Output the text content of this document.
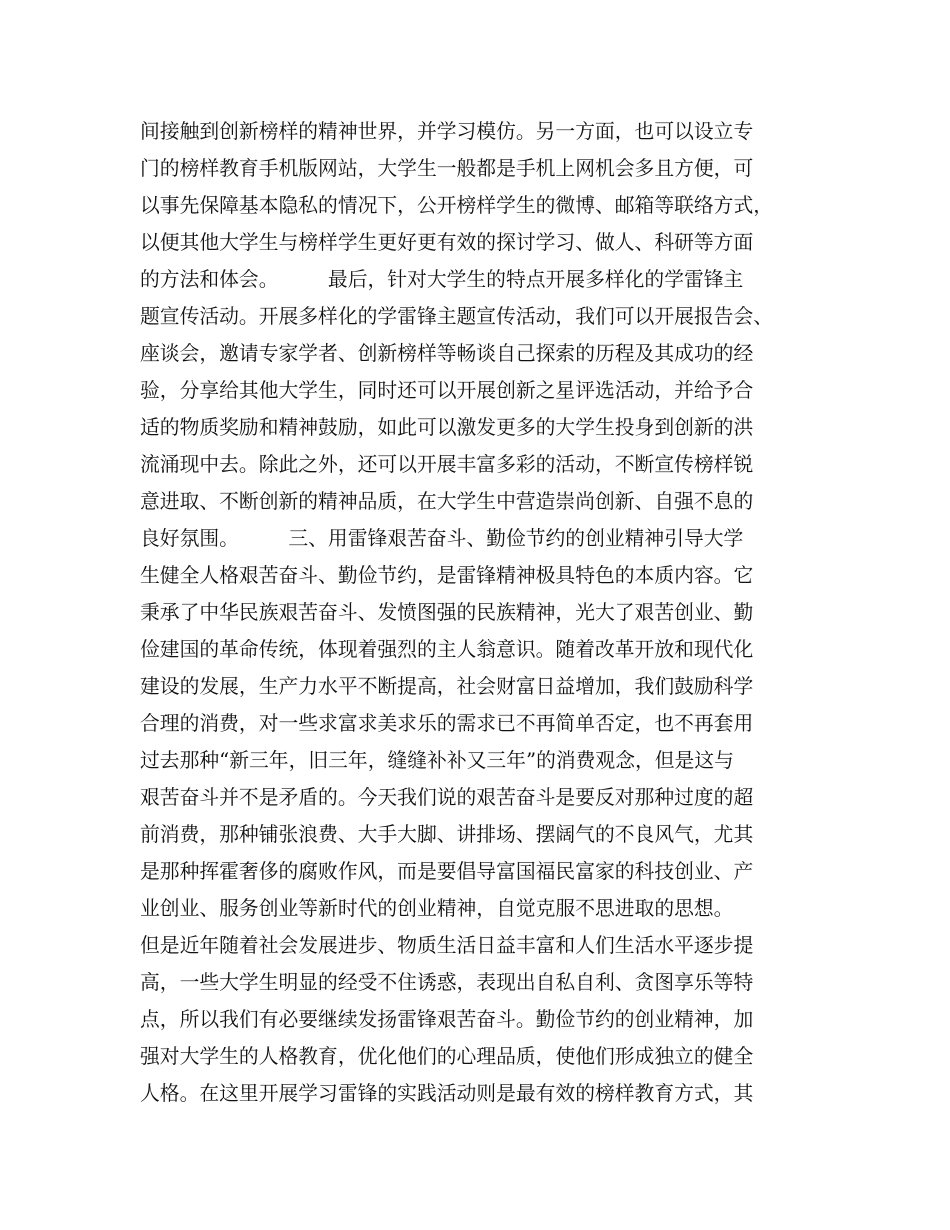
间接触到创新榜样的精神世界，并学习模仿。另一方面，也可以设立专
门的榜样教育手机版网站，大学生一般都是手机上网机会多且方便，可
以事先保障基本隐私的情况下，公开榜样学生的微博、邮箱等联络方式，
以便其他大学生与榜样学生更好更有效的探讨学习、做人、科研等方面
的方法和体会。　　　最后，针对大学生的特点开展多样化的学雷锋主
题宣传活动。开展多样化的学雷锋主题宣传活动，我们可以开展报告会、
座谈会，邀请专家学者、创新榜样等畅谈自己探索的历程及其成功的经
验，分享给其他大学生，同时还可以开展创新之星评选活动，并给予合
适的物质奖励和精神鼓励，如此可以激发更多的大学生投身到创新的洪
流涌现中去。除此之外，还可以开展丰富多彩的活动，不断宣传榜样锐
意进取、不断创新的精神品质，在大学生中营造崇尚创新、自强不息的
良好氛围。　　　三、用雷锋艰苦奋斗、勤俭节约的创业精神引导大学
生健全人格艰苦奋斗、勤俭节约，是雷锋精神极具特色的本质内容。它
秉承了中华民族艰苦奋斗、发愤图强的民族精神，光大了艰苦创业、勤
俭建国的革命传统，体现着强烈的主人翁意识。随着改革开放和现代化
建设的发展，生产力水平不断提高，社会财富日益增加，我们鼓励科学
合理的消费，对一些求富求美求乐的需求已不再简单否定，也不再套用
过去那种“新三年，旧三年，缝缝补补又三年”的消费观念，但是这与
艰苦奋斗并不是矛盾的。今天我们说的艰苦奋斗是要反对那种过度的超
前消费，那种铺张浪费、大手大脚、讲排场、摆阔气的不良风气，尤其
是那种挥霍奢侈的腐败作风，而是要倡导富国福民富家的科技创业、产
业创业、服务创业等新时代的创业精神，自觉克服不思进取的思想。
但是近年随着社会发展进步、物质生活日益丰富和人们生活水平逐步提
高，一些大学生明显的经受不住诱惑，表现出自私自利、贪图享乐等特
点，所以我们有必要继续发扬雷锋艰苦奋斗。勤俭节约的创业精神，加
强对大学生的人格教育，优化他们的心理品质，使他们形成独立的健全
人格。在这里开展学习雷锋的实践活动则是最有效的榜样教育方式，其
